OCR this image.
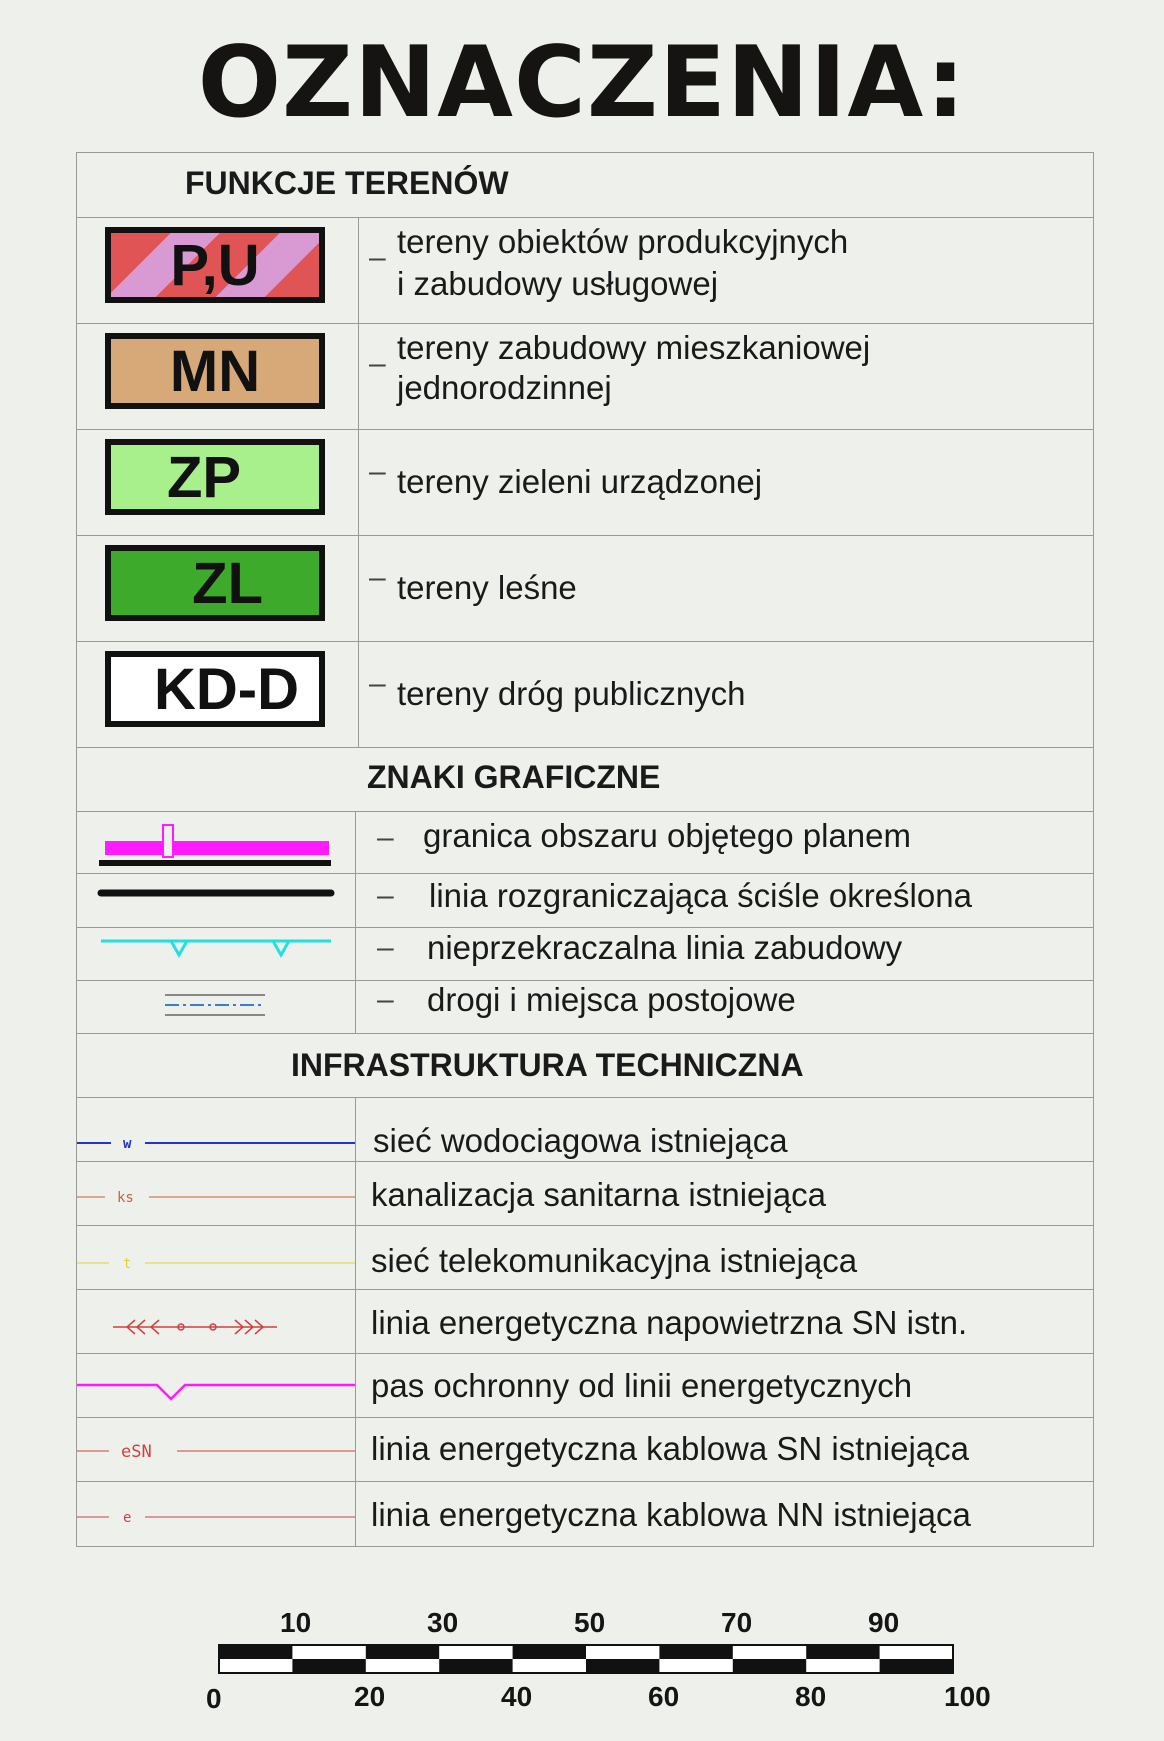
OZNACZENIA:
FUNKCJE TERENÓW
P,U	– tereny obiektów produkcyjnych
i zabudowy usługowej
MN	– tereny zabudowy mieszkaniowej
jednorodzinnej
ZP	– tereny zieleni urządzonej
ZL	– tereny leśne
KD-D – tereny dróg publicznych
ZNAKI GRAFICZNE
– granica obszaru objętego planem
– linia rozgraniczająca ściśle określona
– nieprzekraczalna linia zabudowy
– drogi i miejsca postojowe
INFRASTRUKTURA TECHNICZNA
w	sieć wodociagowa istniejąca
ks	kanalizacja sanitarna istniejąca
t	sieć telekomunikacyjna istniejąca
linia energetyczna napowietrzna SN istn.
pas ochronny od linii energetycznych
eSN	linia energetyczna kablowa SN istniejąca
e	linia energetyczna kablowa NN istniejąca
10	30	50	70	90
0	20	40	60	80	100
